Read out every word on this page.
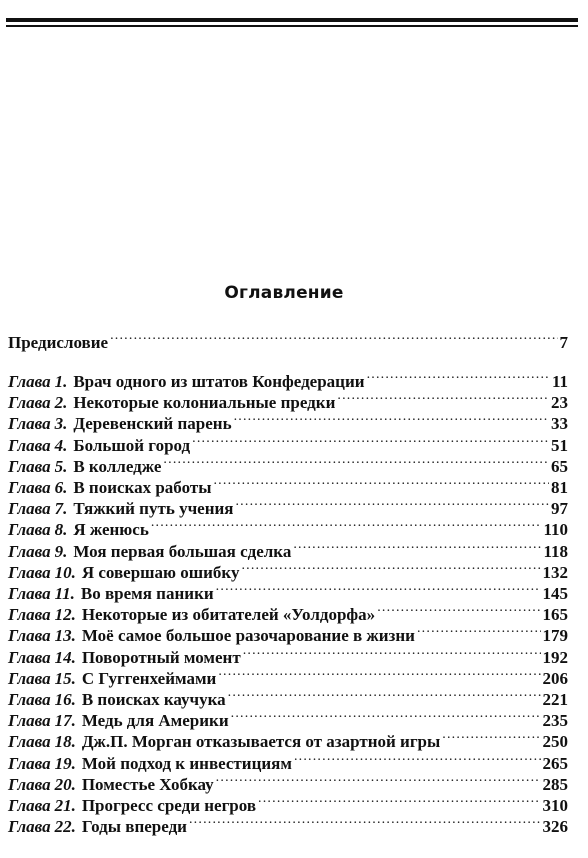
Оглавление
Предисловие .....	7
Глава 1. Врач одного из штатов Конфедерации .....	11
Глава 2. Некоторые колониальные предки .....	23
Глава 3. Деревенский парень .....	33
Глава 4. Большой город .....	51
Глава 5. В колледже .....	65
Глава 6. В поисках работы .....	81
Глава 7. Тяжкий путь учения .....	97
Глава 8. Я женюсь .....	110
Глава 9. Моя первая большая сделка .....	118
Глава 10. Я совершаю ошибку .....	132
Глава 11. Во время паники .....	145
Глава 12. Некоторые из обитателей «Уолдорфа» .....	165
Глава 13. Моё самое большое разочарование в жизни .....	179
Глава 14. Поворотный момент .....	192
Глава 15. С Гуггенхеймами .....	206
Глава 16. В поисках каучука .....	221
Глава 17. Медь для Америки .....	235
Глава 18. Дж.П. Морган отказывается от азартной игры .....	250
Глава 19. Мой подход к инвестициям .....	265
Глава 20. Поместье Хобкау .....	285
Глава 21. Прогресс среди негров .....	310
Глава 22. Годы впереди .....	326
